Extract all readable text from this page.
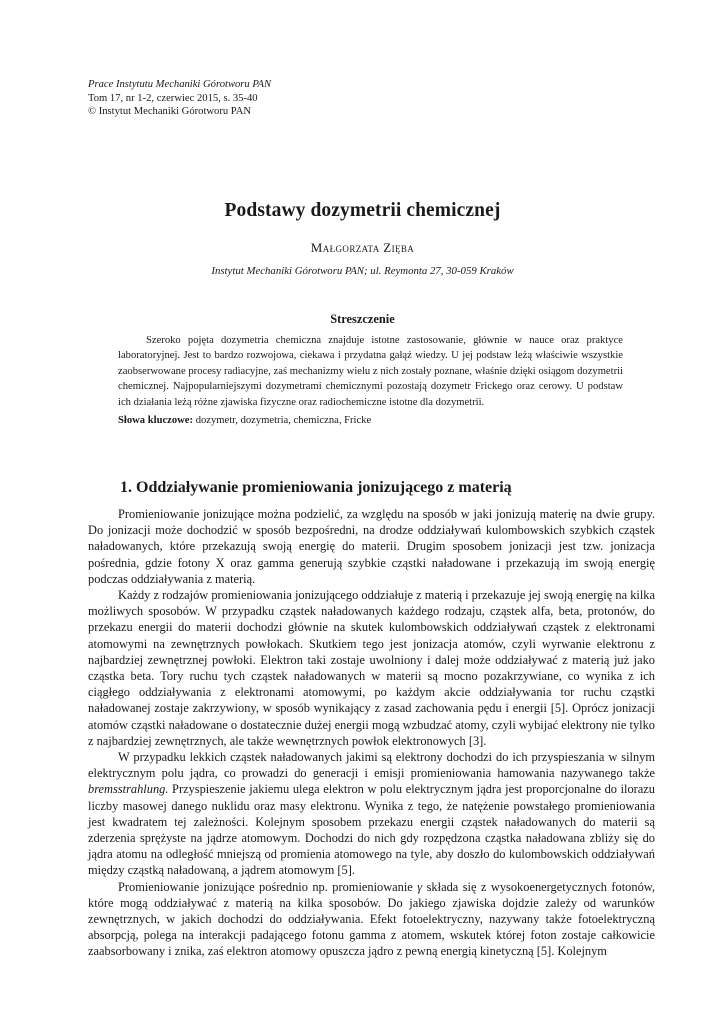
Prace Instytutu Mechaniki Górotworu PAN
Tom 17, nr 1-2, czerwiec 2015, s. 35-40
© Instytut Mechaniki Górotworu PAN
Podstawy dozymetrii chemicznej
Małgorzata Zięba
Instytut Mechaniki Górotworu PAN; ul. Reymonta 27, 30-059 Kraków
Streszczenie
Szeroko pojęta dozymetria chemiczna znajduje istotne zastosowanie, głównie w nauce oraz praktyce laboratoryjnej. Jest to bardzo rozwojowa, ciekawa i przydatna gałąź wiedzy. U jej podstaw leżą właściwie wszystkie zaobserwowane procesy radiacyjne, zaś mechanizmy wielu z nich zostały poznane, właśnie dzięki osiągom dozymetrii chemicznej. Najpopularniejszymi dozymetrami chemicznymi pozostają dozymetr Frickego oraz cerowy. U podstaw ich działania leżą różne zjawiska fizyczne oraz radiochemiczne istotne dla dozymetrii.
Słowa kluczowe: dozymetr, dozymetria, chemiczna, Fricke
1. Oddziaływanie promieniowania jonizującego z materią

Promieniowanie jonizujące można podzielić, za względu na sposób w jaki jonizują materię na dwie grupy. Do jonizacji może dochodzić w sposób bezpośredni, na drodze oddziaływań kulombowskich szybkich cząstek naładowanych, które przekazują swoją energię do materii. Drugim sposobem jonizacji jest tzw. jonizacja pośrednia, gdzie fotony X oraz gamma generują szybkie cząstki naładowane i przekazują im swoją energię podczas oddziaływania z materią.

Każdy z rodzajów promieniowania jonizującego oddziałuje z materią i przekazuje jej swoją energię na kilka możliwych sposobów. W przypadku cząstek naładowanych każdego rodzaju, cząstek alfa, beta, protonów, do przekazu energii do materii dochodzi głównie na skutek kulombowskich oddziaływań cząstek z elektronami atomowymi na zewnętrznych powłokach. Skutkiem tego jest jonizacja atomów, czyli wyrwanie elektronu z najbardziej zewnętrznej powłoki. Elektron taki zostaje uwolniony i dalej może oddziaływać z materią już jako cząstka beta. Tory ruchu tych cząstek naładowanych w materii są mocno pozakrzywiane, co wynika z ich ciągłego oddziaływania z elektronami atomowymi, po każdym akcie oddziaływania tor ruchu cząstki naładowanej zostaje zakrzywiony, w sposób wynikający z zasad zachowania pędu i energii [5]. Oprócz jonizacji atomów cząstki naładowane o dostatecznie dużej energii mogą wzbudzać atomy, czyli wybijać elektrony nie tylko z najbardziej zewnętrznych, ale także wewnętrznych powłok elektronowych [3].

W przypadku lekkich cząstek naładowanych jakimi są elektrony dochodzi do ich przyspieszania w silnym elektrycznym polu jądra, co prowadzi do generacji i emisji promieniowania hamowania nazywanego także bremsstrahlung. Przyspieszenie jakiemu ulega elektron w polu elektrycznym jądra jest proporcjonalne do ilorazu liczby masowej danego nuklidu oraz masy elektronu. Wynika z tego, że natężenie powstałego promieniowania jest kwadratem tej zależności. Kolejnym sposobem przekazu energii cząstek naładowanych do materii są zderzenia sprężyste na jądrze atomowym. Dochodzi do nich gdy rozpędzona cząstka naładowana zbliży się do jądra atomu na odległość mniejszą od promienia atomowego na tyle, aby doszło do kulombowskich oddziaływań między cząstką naładowaną, a jądrem atomowym [5].

Promieniowanie jonizujące pośrednio np. promieniowanie γ składa się z wysokoenergetycznych fotonów, które mogą oddziaływać z materią na kilka sposobów. Do jakiego zjawiska dojdzie zależy od warunków zewnętrznych, w jakich dochodzi do oddziaływania. Efekt fotoelektryczny, nazywany także fotoelektryczną absorpcją, polega na interakcji padającego fotonu gamma z atomem, wskutek której foton zostaje całkowicie zaabsorbowany i znika, zaś elektron atomowy opuszcza jądro z pewną energią kinetyczną [5]. Kolejnym
